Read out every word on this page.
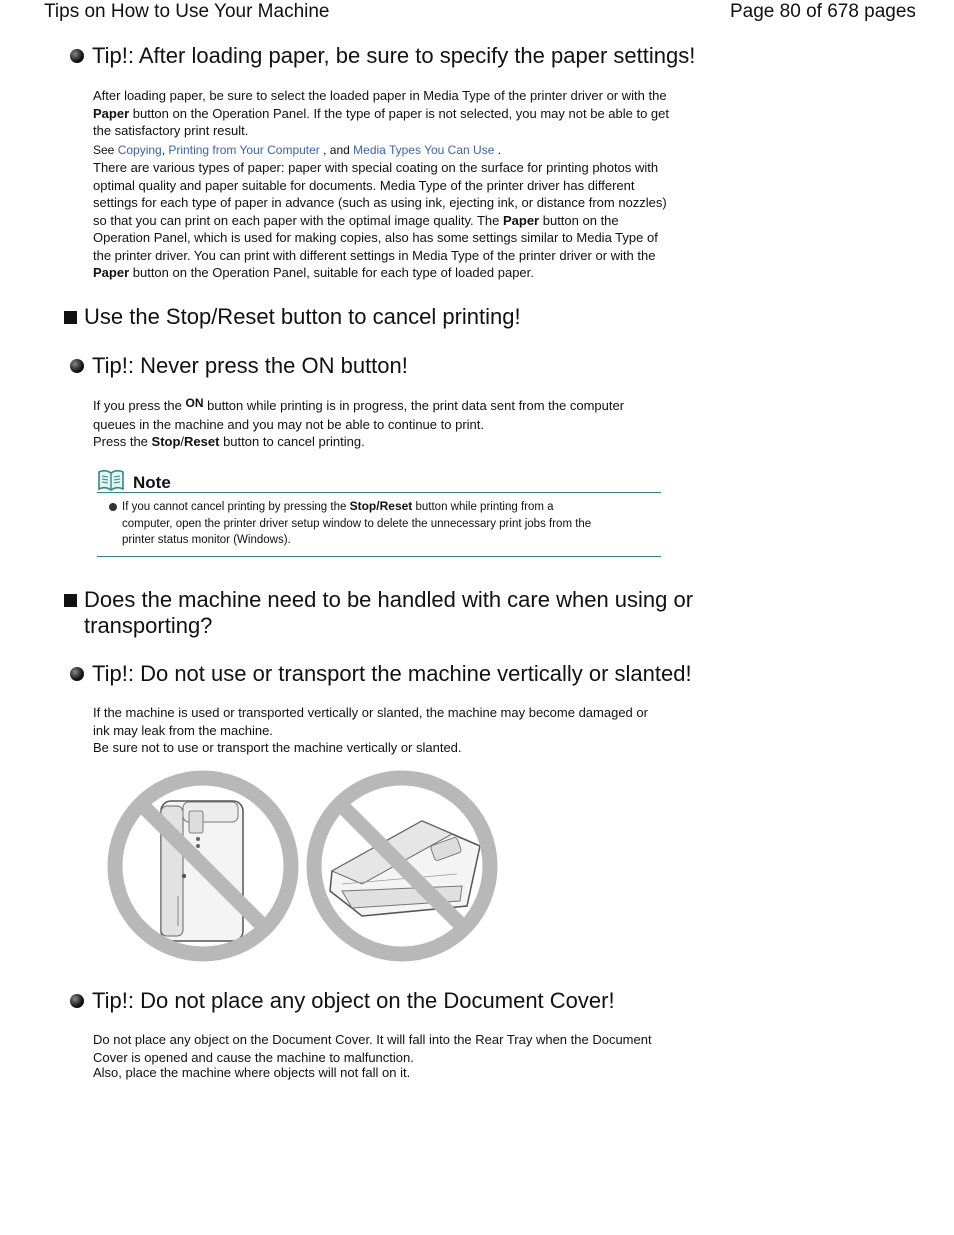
Tips on How to Use Your Machine	Page 80 of 678 pages
Tip!: After loading paper, be sure to specify the paper settings!
After loading paper, be sure to select the loaded paper in Media Type of the printer driver or with the
Paper button on the Operation Panel. If the type of paper is not selected, you may not be able to get
the satisfactory print result.
See Copying, Printing from Your Computer , and Media Types You Can Use .
There are various types of paper: paper with special coating on the surface for printing photos with
optimal quality and paper suitable for documents. Media Type of the printer driver has different
settings for each type of paper in advance (such as using ink, ejecting ink, or distance from nozzles)
so that you can print on each paper with the optimal image quality. The Paper button on the
Operation Panel, which is used for making copies, also has some settings similar to Media Type of
the printer driver. You can print with different settings in Media Type of the printer driver or with the
Paper button on the Operation Panel, suitable for each type of loaded paper.
Use the Stop/Reset button to cancel printing!
Tip!: Never press the ON button!
If you press the ON button while printing is in progress, the print data sent from the computer
queues in the machine and you may not be able to continue to print.
Press the Stop/Reset button to cancel printing.
Note
If you cannot cancel printing by pressing the Stop/Reset button while printing from a
computer, open the printer driver setup window to delete the unnecessary print jobs from the
printer status monitor (Windows).
Does the machine need to be handled with care when using or
transporting?
Tip!: Do not use or transport the machine vertically or slanted!
If the machine is used or transported vertically or slanted, the machine may become damaged or
ink may leak from the machine.
Be sure not to use or transport the machine vertically or slanted.
Tip!: Do not place any object on the Document Cover!
Do not place any object on the Document Cover. It will fall into the Rear Tray when the Document
Cover is opened and cause the machine to malfunction.
Also, place the machine where objects will not fall on it.
